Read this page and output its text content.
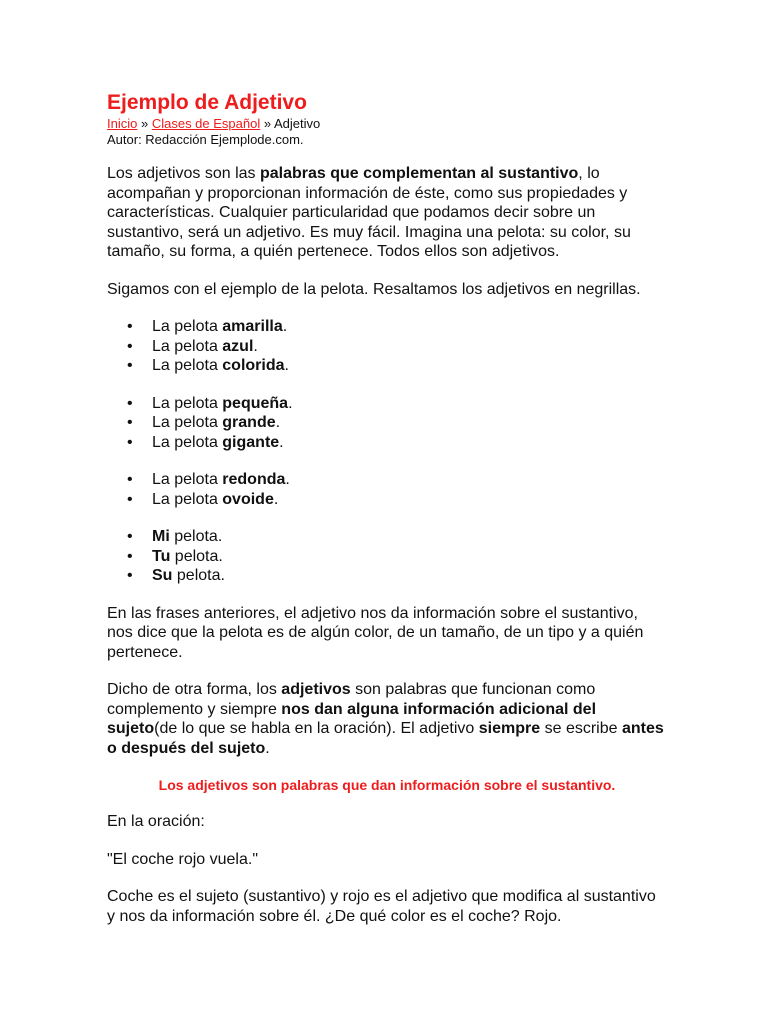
Ejemplo de Adjetivo
Inicio » Clases de Español » Adjetivo
Autor: Redacción Ejemplode.com.

Los adjetivos son las palabras que complementan al sustantivo, lo acompañan y proporcionan información de éste, como sus propiedades y características. Cualquier particularidad que podamos decir sobre un sustantivo, será un adjetivo. Es muy fácil. Imagina una pelota: su color, su tamaño, su forma, a quién pertenece. Todos ellos son adjetivos.

Sigamos con el ejemplo de la pelota. Resaltamos los adjetivos en negrillas.

• La pelota amarilla.
• La pelota azul.
• La pelota colorida.
• La pelota pequeña.
• La pelota grande.
• La pelota gigante.
• La pelota redonda.
• La pelota ovoide.
• Mi pelota.
• Tu pelota.
• Su pelota.

En las frases anteriores, el adjetivo nos da información sobre el sustantivo, nos dice que la pelota es de algún color, de un tamaño, de un tipo y a quién pertenece.

Dicho de otra forma, los adjetivos son palabras que funcionan como complemento y siempre nos dan alguna información adicional del sujeto(de lo que se habla en la oración). El adjetivo siempre se escribe antes o después del sujeto.

Los adjetivos son palabras que dan información sobre el sustantivo.

En la oración:

"El coche rojo vuela."

Coche es el sujeto (sustantivo) y rojo es el adjetivo que modifica al sustantivo y nos da información sobre él. ¿De qué color es el coche? Rojo.
